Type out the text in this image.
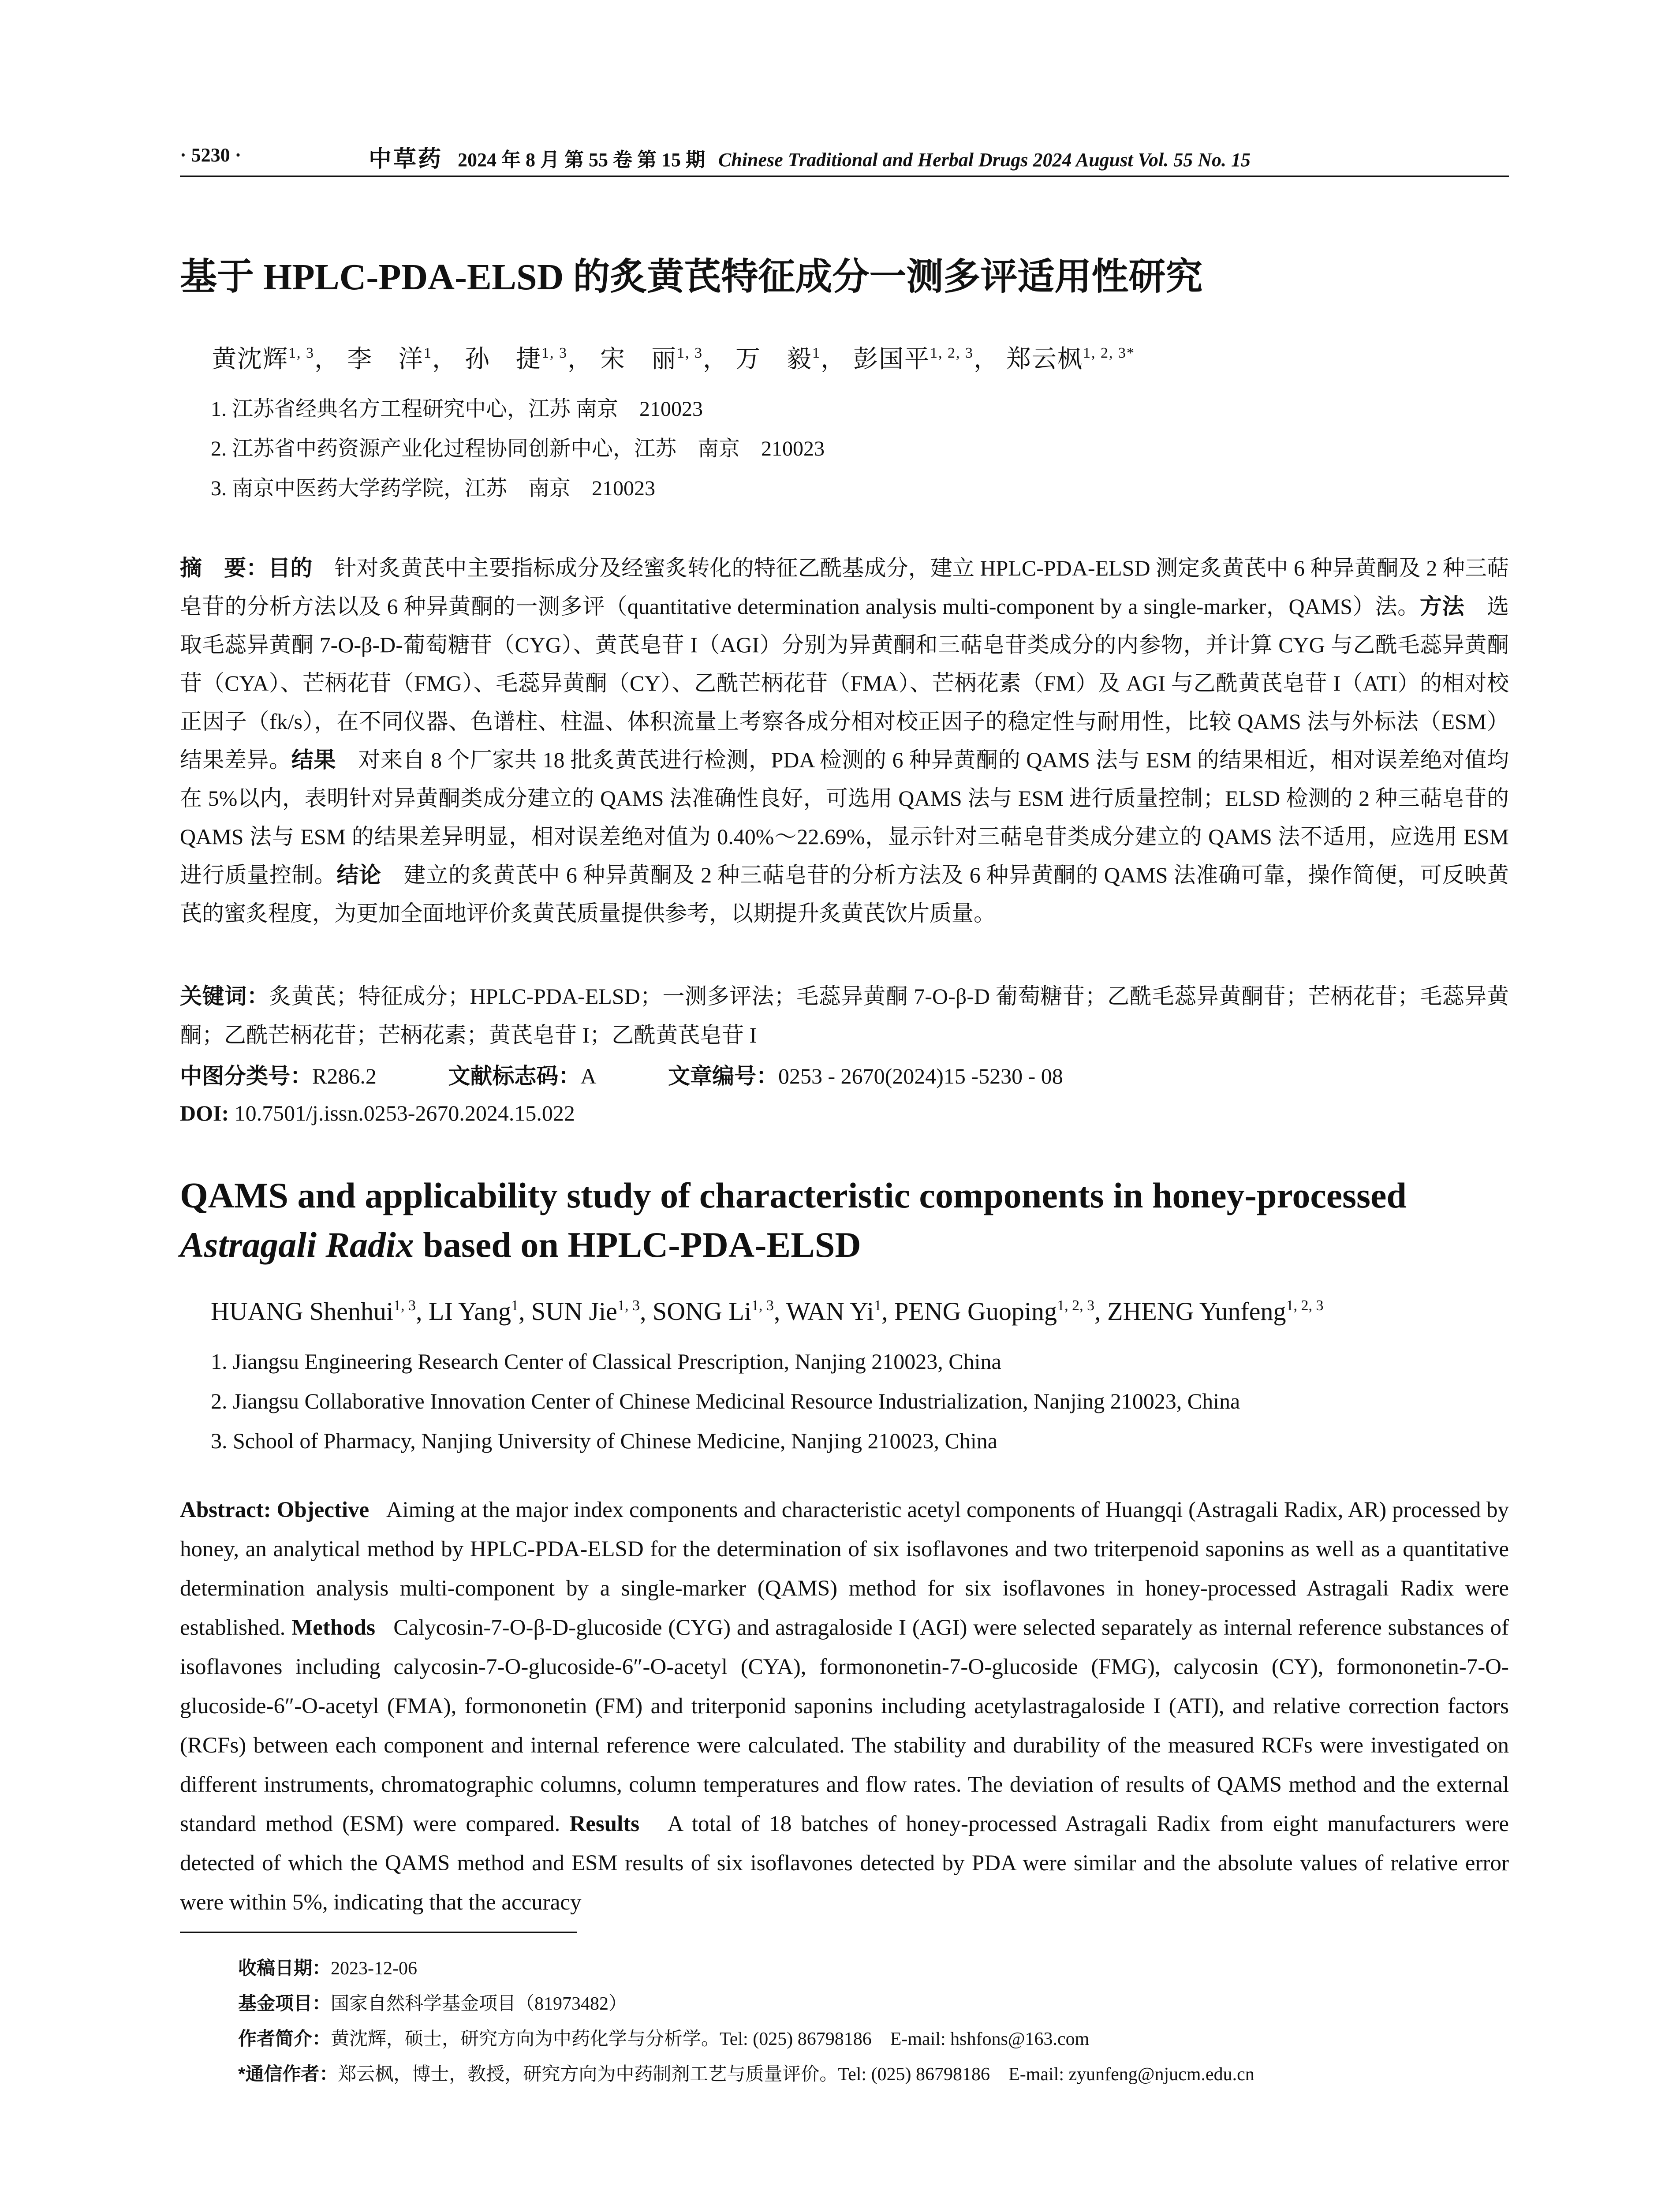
· 5230 ·	中草药 2024 年 8 月 第 55 卷 第 15 期 Chinese Traditional and Herbal Drugs 2024 August Vol. 55 No. 15
基于 HPLC-PDA-ELSD 的炙黄芪特征成分一测多评适用性研究
黄沈辉$^{1, 3}$， 李　洋$^1$， 孙　捷$^{1, 3}$， 宋　丽$^{1, 3}$， 万　毅$^1$， 彭国平$^{1, 2, 3}$， 郑云枫$^{1, 2, 3*}$
1. 江苏省经典名方工程研究中心，江苏 南京　210023
2. 江苏省中药资源产业化过程协同创新中心，江苏　南京　210023
3. 南京中医药大学药学院，江苏　南京　210023

摘　要：目的　 针对炙黄芪中主要指标成分及经蜜炙转化的特征乙酰基成分，建立 HPLC-PDA-ELSD 测定炙黄芪中 6 种异黄酮及 2 种三萜皂苷的分析方法以及 6 种异黄酮的一测多评（quantitative determination analysis multi-component by a single-marker，QAMS）法。方法　 选取毛蕊异黄酮 7-O-β-D-葡萄糖苷（CYG）、黄芪皂苷 I（AGI）分别为异黄酮和三萜皂苷类成分的内参物，并计算 CYG 与乙酰毛蕊异黄酮苷（CYA）、芒柄花苷（FMG）、毛蕊异黄酮（CY）、乙酰芒柄花苷（FMA）、芒柄花素（FM）及 AGI 与乙酰黄芪皂苷 I（ATI）的相对校正因子（fk/s），在不同仪器、色谱柱、柱温、体积流量上考察各成分相对校正因子的稳定性与耐用性，比较 QAMS 法与外标法（ESM）结果差异。结果　 对来自 8 个厂家共 18 批炙黄芪进行检测，PDA 检测的 6 种异黄酮的 QAMS 法与 ESM 的结果相近，相对误差绝对值均在 5%以内，表明针对异黄酮类成分建立的 QAMS 法准确性良好，可选用 QAMS 法与 ESM 进行质量控制；ELSD 检测的 2 种三萜皂苷的 QAMS 法与 ESM 的结果差异明显，相对误差绝对值为 0.40%～22.69%，显示针对三萜皂苷类成分建立的 QAMS 法不适用，应选用 ESM 进行质量控制。结论　 建立的炙黄芪中 6 种异黄酮及 2 种三萜皂苷的分析方法及 6 种异黄酮的 QAMS 法准确可靠，操作简便，可反映黄芪的蜜炙程度，为更加全面地评价炙黄芪质量提供参考，以期提升炙黄芪饮片质量。

关键词：炙黄芪；特征成分；HPLC-PDA-ELSD；一测多评法；毛蕊异黄酮 7-O-β-D 葡萄糖苷；乙酰毛蕊异黄酮苷；芒柄花苷；毛蕊异黄酮；乙酰芒柄花苷；芒柄花素；黄芪皂苷 I；乙酰黄芪皂苷 I
中图分类号：R286.2	文献标志码：A	文章编号：0253 - 2670(2024)15 -5230 - 08
DOI: 10.7501/j.issn.0253-2670.2024.15.022
QAMS and applicability study of characteristic components in honey-processed Astragali Radix based on HPLC-PDA-ELSD
HUANG Shenhui$^{1, 3}$, LI Yang$^1$, SUN Jie$^{1, 3}$, SONG Li$^{1, 3}$, WAN Yi$^1$, PENG Guoping$^{1, 2, 3}$, ZHENG Yunfeng$^{1, 2, 3}$
1. Jiangsu Engineering Research Center of Classical Prescription, Nanjing 210023, China
2. Jiangsu Collaborative Innovation Center of Chinese Medicinal Resource Industrialization, Nanjing 210023, China
3. School of Pharmacy, Nanjing University of Chinese Medicine, Nanjing 210023, China

Abstract: Objective Aiming at the major index components and characteristic acetyl components of Huangqi (Astragali Radix, AR) processed by honey, an analytical method by HPLC-PDA-ELSD for the determination of six isoflavones and two triterpenoid saponins as well as a quantitative determination analysis multi-component by a single-marker (QAMS) method for six isoflavones in honey-processed Astragali Radix were established. Methods Calycosin-7-O-β-D-glucoside (CYG) and astragaloside I (AGI) were selected separately as internal reference substances of isoflavones including calycosin-7-O-glucoside-6″-O-acetyl (CYA), formononetin-7-O-glucoside (FMG), calycosin (CY), formononetin-7-O-glucoside-6″-O-acetyl (FMA), formononetin (FM) and triterponid saponins including acetylastragaloside I (ATI), and relative correction factors (RCFs) between each component and internal reference were calculated. The stability and durability of the measured RCFs were investigated on different instruments, chromatographic columns, column temperatures and flow rates. The deviation of results of QAMS method and the external standard method (ESM) were compared. Results A total of 18 batches of honey-processed Astragali Radix from eight manufacturers were detected of which the QAMS method and ESM results of six isoflavones detected by PDA were similar and the absolute values of relative error were within 5%, indicating that the accuracy

收稿日期：2023-12-06
基金项目：国家自然科学基金项目（81973482）
作者简介：黄沈辉，硕士，研究方向为中药化学与分析学。Tel: (025) 86798186　E-mail: hshfons@163.com
*通信作者：郑云枫，博士，教授，研究方向为中药制剂工艺与质量评价。Tel: (025) 86798186　E-mail: zyunfeng@njucm.edu.cn
